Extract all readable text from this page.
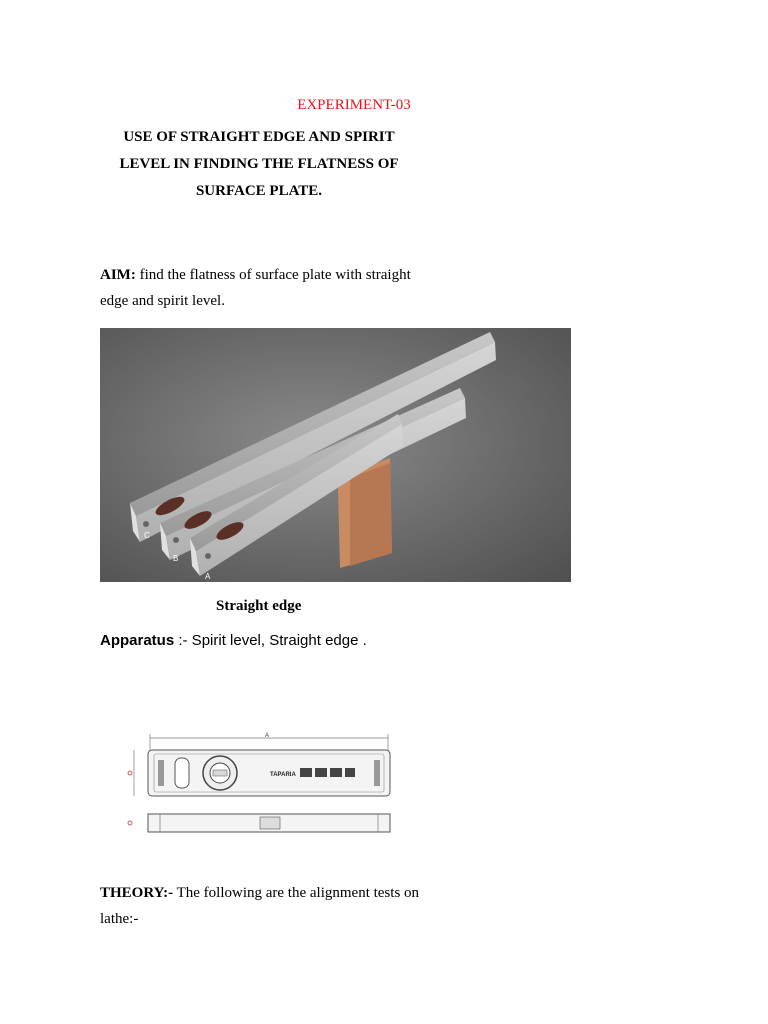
EXPERIMENT-03
USE OF STRAIGHT EDGE AND SPIRIT
LEVEL IN FINDING THE FLATNESS OF
SURFACE PLATE.
AIM: find the flatness of surface plate with straight edge and spirit level.
C
B
A
Straight edge
Apparatus :- Spirit level, Straight edge .
A
TAPARIA
THEORY:- The following are the alignment tests on lathe:-
